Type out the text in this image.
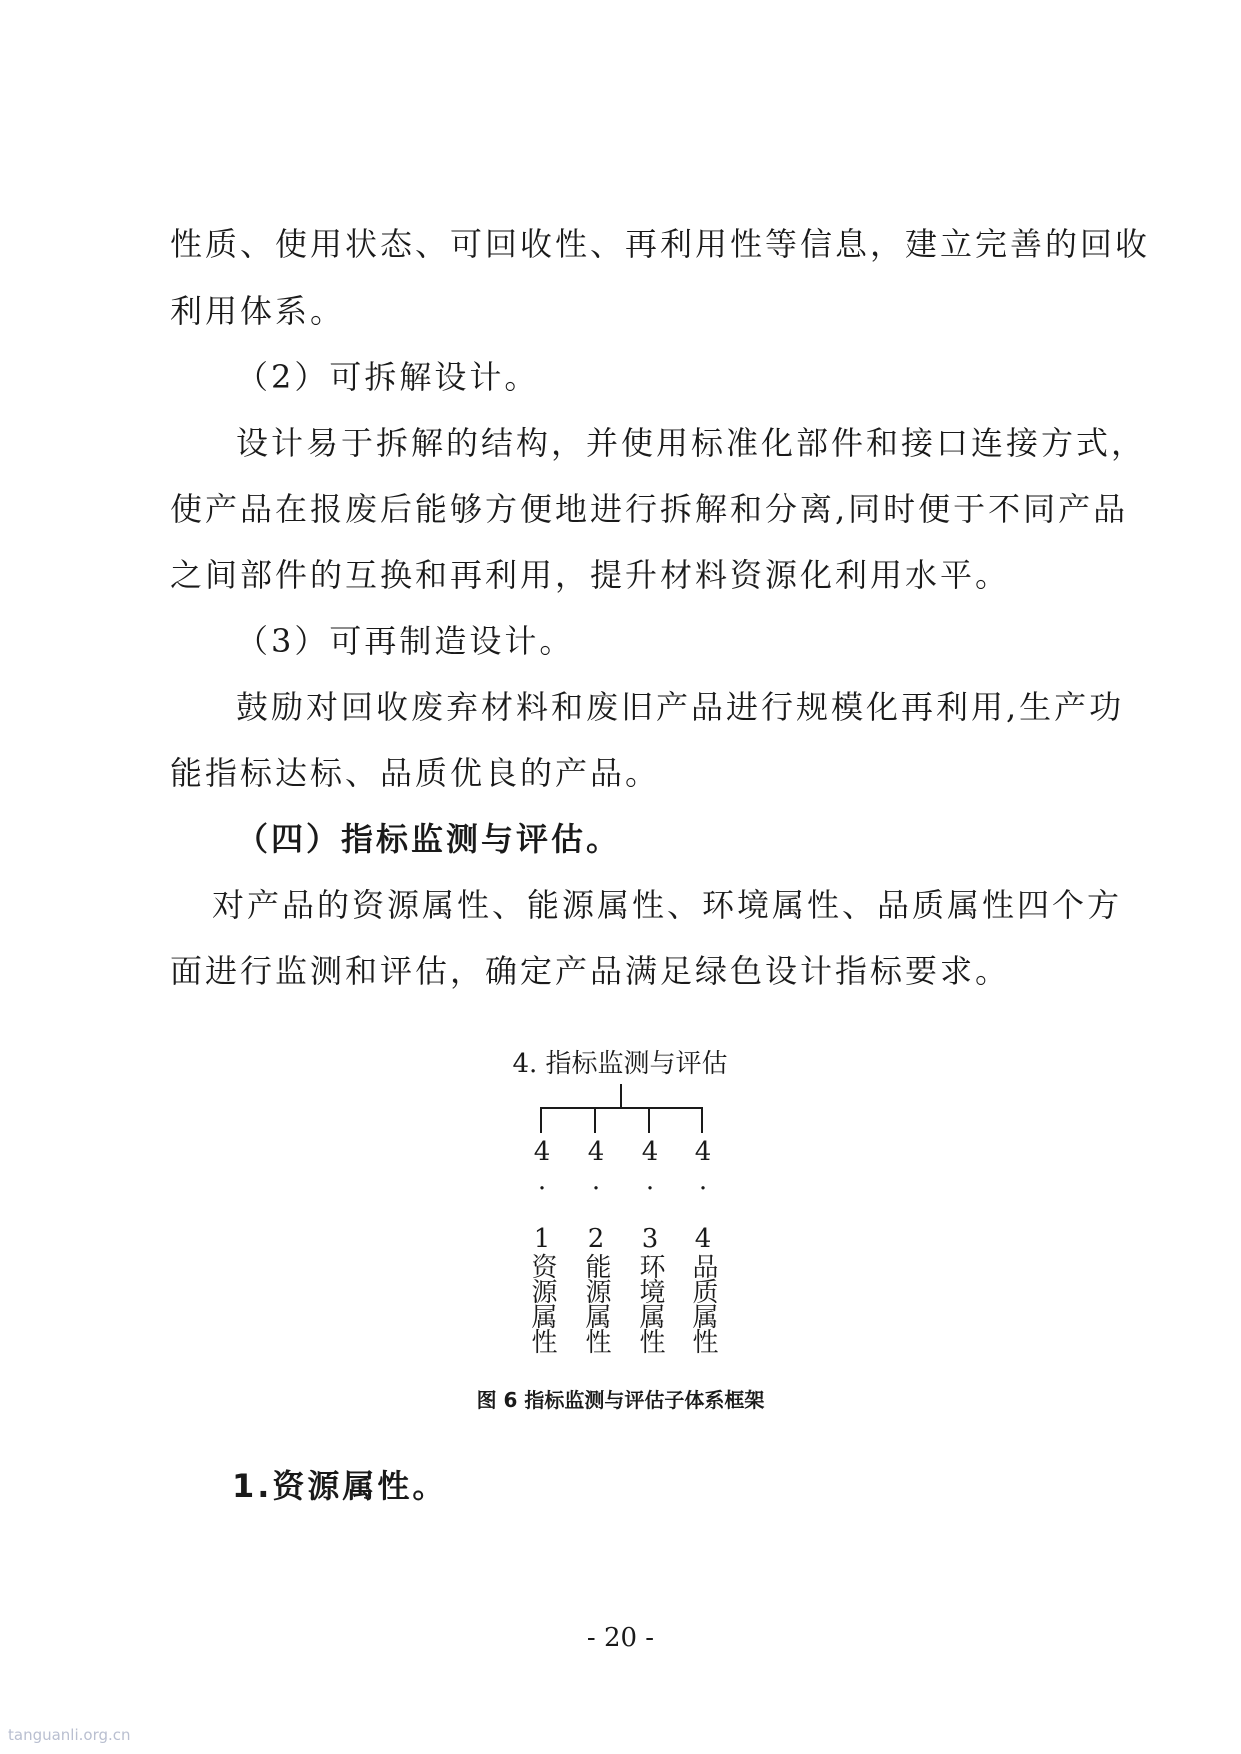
性质、使用状态、可回收性、再利用性等信息，建立完善的回收
利用体系。
（2）可拆解设计。
设计易于拆解的结构，并使用标准化部件和接口连接方式，
使产品在报废后能够方便地进行拆解和分离,同时便于不同产品
之间部件的互换和再利用，提升材料资源化利用水平。
（3）可再制造设计。
鼓励对回收废弃材料和废旧产品进行规模化再利用,生产功
能指标达标、品质优良的产品。
（四）指标监测与评估。
对产品的资源属性、能源属性、环境属性、品质属性四个方
面进行监测和评估，确定产品满足绿色设计指标要求。
4. 指标监测与评估
4. 1资源属性 4. 2能源属性 4. 3环境属性 4. 4品质属性
图 6 指标监测与评估子体系框架
1.资源属性。
- 20 -
tanguanli.org.cn
